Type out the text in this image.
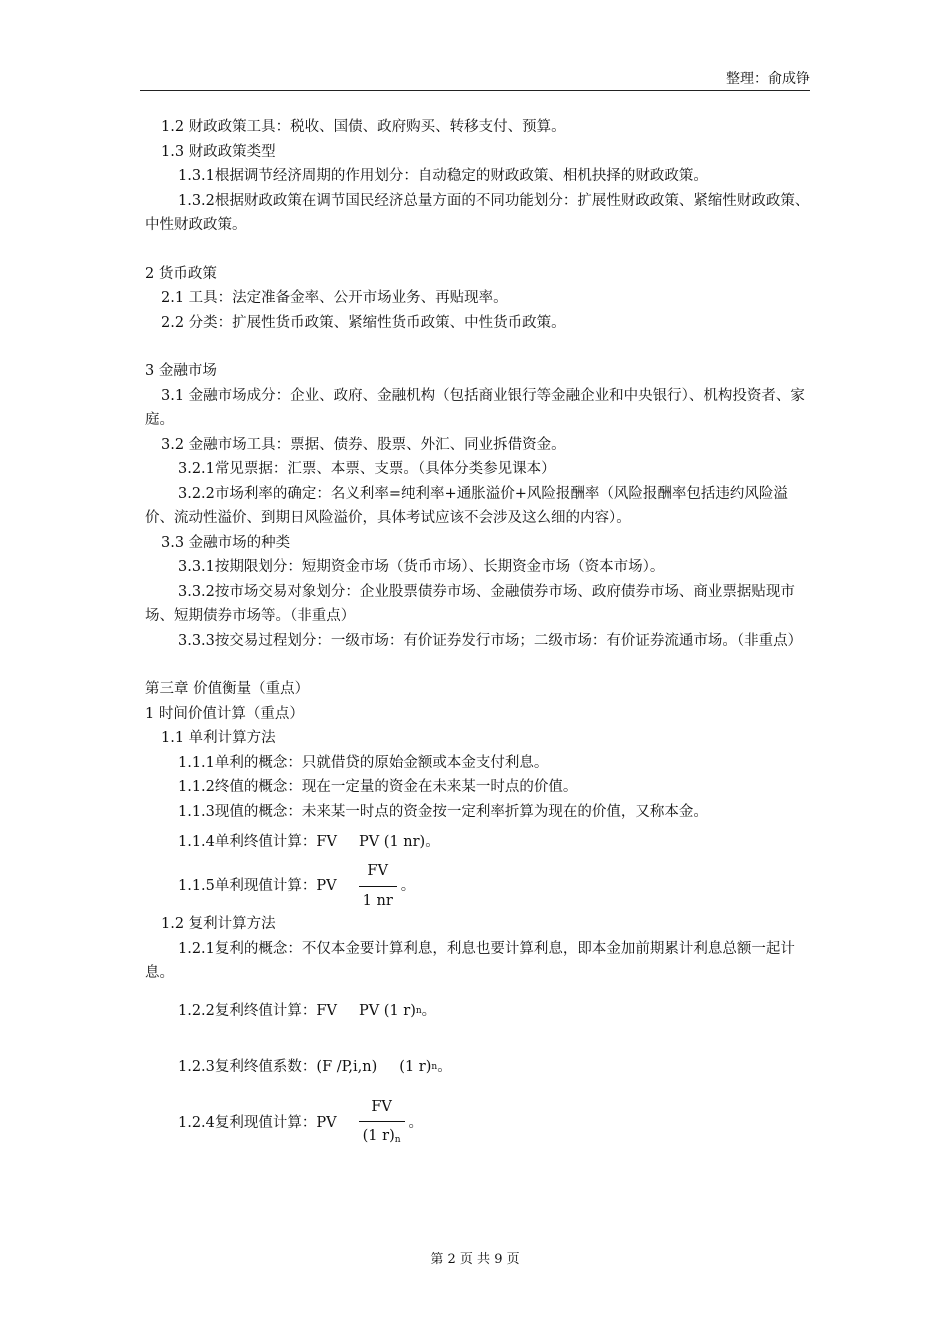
整理：俞成铮

1.2 财政政策工具：税收、国债、政府购买、转移支付、预算。

1.3 财政政策类型

1.3.1根据调节经济周期的作用划分：自动稳定的财政政策、相机抉择的财政政策。

1.3.2根据财政政策在调节国民经济总量方面的不同功能划分：扩展性财政政策、紧缩性财政政策、中性财政政策。

2 货币政策

2.1 工具：法定准备金率、公开市场业务、再贴现率。

2.2 分类：扩展性货币政策、紧缩性货币政策、中性货币政策。

3 金融市场

3.1 金融市场成分：企业、政府、金融机构（包括商业银行等金融企业和中央银行）、机构投资者、家庭。

3.2 金融市场工具：票据、债券、股票、外汇、同业拆借资金。

3.2.1常见票据：汇票、本票、支票。（具体分类参见课本）

3.2.2市场利率的确定：名义利率=纯利率+通胀溢价+风险报酬率（风险报酬率包括违约风险溢价、流动性溢价、到期日风险溢价，具体考试应该不会涉及这么细的内容）。

3.3 金融市场的种类

3.3.1按期限划分：短期资金市场（货币市场）、长期资金市场（资本市场）。

3.3.2按市场交易对象划分：企业股票债券市场、金融债券市场、政府债券市场、商业票据贴现市场、短期债券市场等。（非重点）

3.3.3按交易过程划分：一级市场：有价证券发行市场；二级市场：有价证券流通市场。（非重点）

第三章 价值衡量（重点）

1 时间价值计算（重点）

1.1 单利计算方法

1.1.1单利的概念：只就借贷的原始金额或本金支付利息。

1.1.2终值的概念：现在一定量的资金在未来某一时点的价值。

1.1.3现值的概念：未来某一时点的资金按一定利率折算为现在的价值，又称本金。

1.1.4单利终值计算： FV PV (1 nr) 。
1.1.5单利现值计算： PV $\frac{FV}{1 nr}$ 。

1.2 复利计算方法

1.2.1复利的概念：不仅本金要计算利息，利息也要计算利息，即本金加前期累计利息总额一起计息。

1.2.2复利终值计算： FV PV (1 r) n 。
1.2.3复利终值系数： (F /P,i,n) (1 r) n 。
1.2.4复利现值计算： PV $\frac{FV}{(1 r)^n}$ 。
第 2 页 共 9 页
